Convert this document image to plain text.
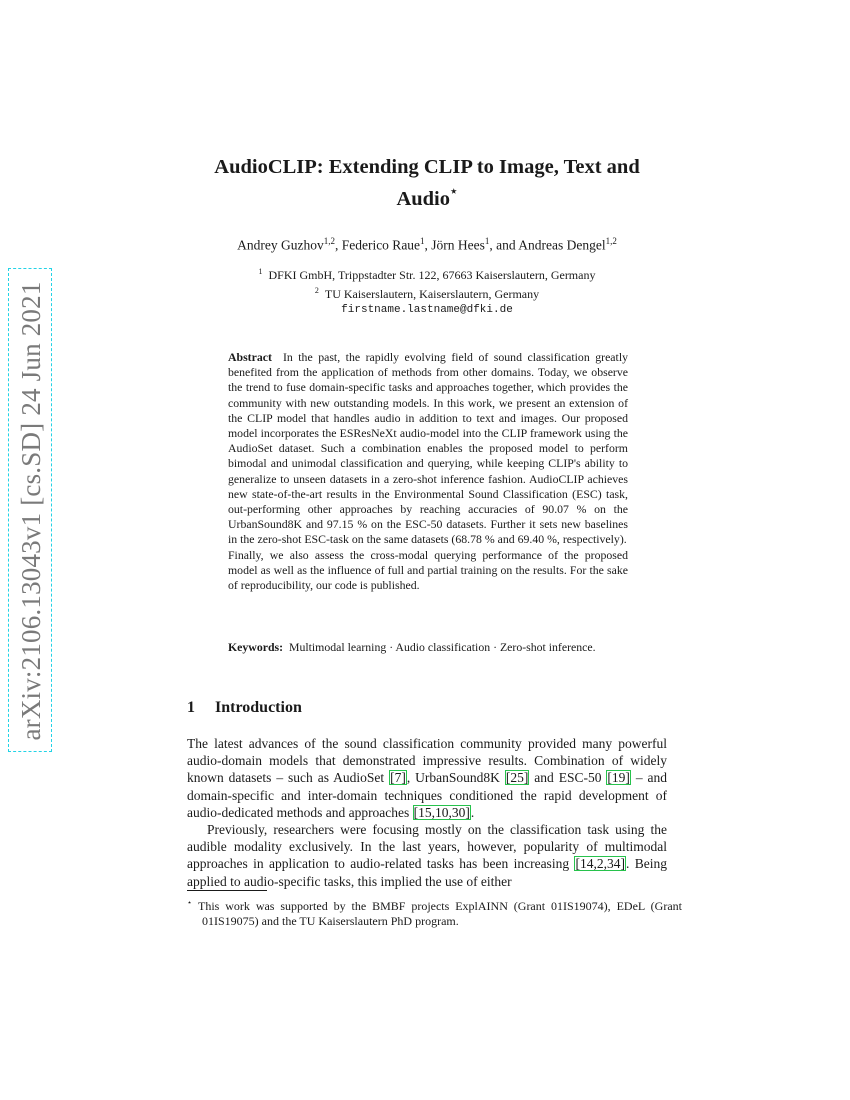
arXiv:2106.13043v1 [cs.SD] 24 Jun 2021
AudioCLIP: Extending CLIP to Image, Text and Audio⋆
Andrey Guzhov$^{1,2}$, Federico Raue$^1$, Jörn Hees$^1$, and Andreas Dengel$^{1,2}$
$^1$ DFKI GmbH, Trippstadter Str. 122, 67663 Kaiserslautern, Germany
$^2$ TU Kaiserslautern, Kaiserslautern, Germany
firstname.lastname@dfki.de

Abstract In the past, the rapidly evolving field of sound classification greatly benefited from the application of methods from other domains. Today, we observe the trend to fuse domain-specific tasks and approaches together, which provides the community with new outstanding models. In this work, we present an extension of the CLIP model that handles audio in addition to text and images. Our proposed model incorporates the ESResNeXt audio-model into the CLIP framework using the AudioSet dataset. Such a combination enables the proposed model to perform bimodal and unimodal classification and querying, while keeping CLIP's ability to generalize to unseen datasets in a zero-shot inference fashion. AudioCLIP achieves new state-of-the-art results in the Environmental Sound Classification (ESC) task, out-performing other approaches by reaching accuracies of 90.07 % on the UrbanSound8K and 97.15 % on the ESC-50 datasets. Further it sets new baselines in the zero-shot ESC-task on the same datasets (68.78 % and 69.40 %, respectively).

Finally, we also assess the cross-modal querying performance of the proposed model as well as the influence of full and partial training on the results. For the sake of reproducibility, our code is published.

Keywords: Multimodal learning · Audio classification · Zero-shot inference.
1 Introduction

The latest advances of the sound classification community provided many powerful audio-domain models that demonstrated impressive results. Combination of widely known datasets – such as AudioSet [7], UrbanSound8K [25] and ESC-50 [19] – and domain-specific and inter-domain techniques conditioned the rapid development of audio-dedicated methods and approaches [15,10,30].

Previously, researchers were focusing mostly on the classification task using the audible modality exclusively. In the last years, however, popularity of multimodal approaches in application to audio-related tasks has been increasing [14,2,34]. Being applied to audio-specific tasks, this implied the use of either

⋆ This work was supported by the BMBF projects ExplAINN (Grant 01IS19074), EDeL (Grant 01IS19075) and the TU Kaiserslautern PhD program.
